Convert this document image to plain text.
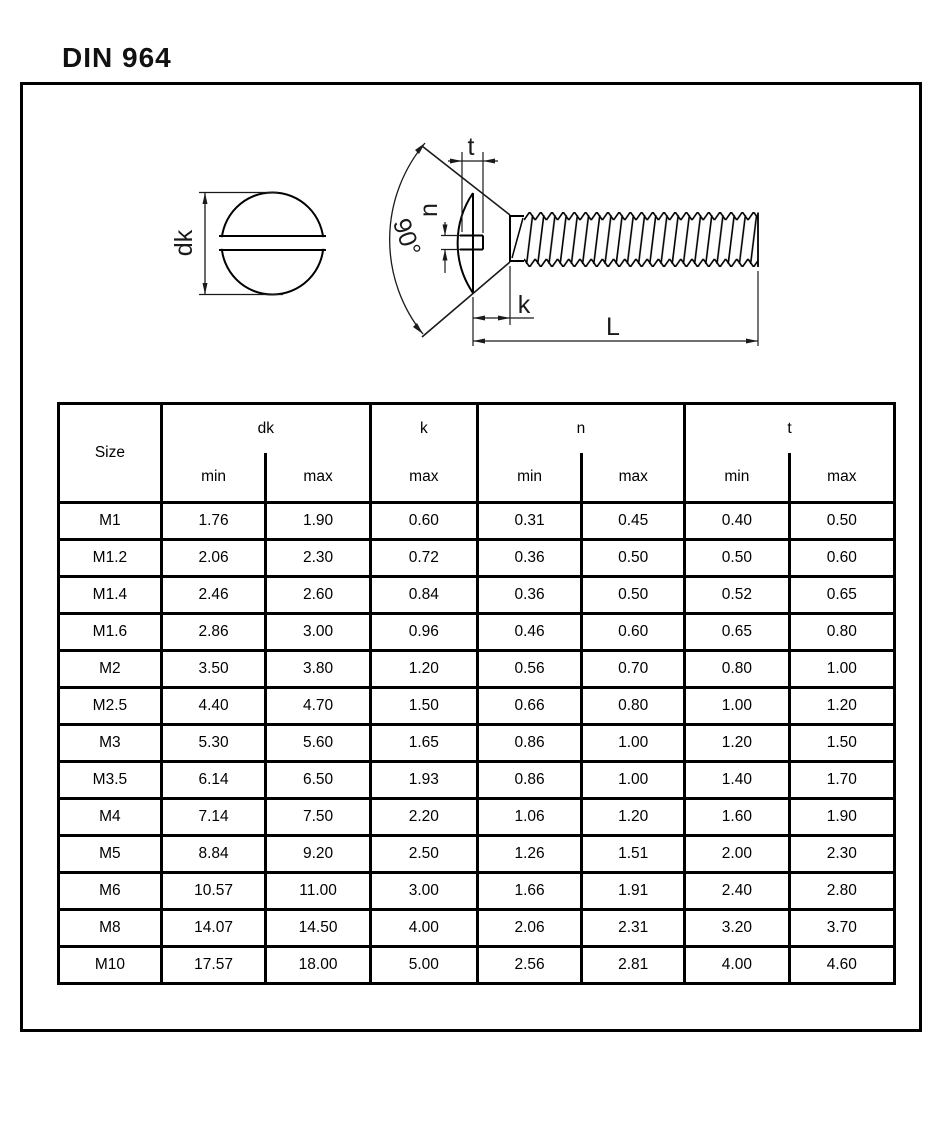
DIN 964
dk	90°
t
n
k
L
Size	dk		k	n		t	
	min	max	max	min	max	min	max
M1	1.76	1.90	0.60	0.31	0.45	0.40	0.50
M1.2	2.06	2.30	0.72	0.36	0.50	0.50	0.60
M1.4	2.46	2.60	0.84	0.36	0.50	0.52	0.65
M1.6	2.86	3.00	0.96	0.46	0.60	0.65	0.80
M2	3.50	3.80	1.20	0.56	0.70	0.80	1.00
M2.5	4.40	4.70	1.50	0.66	0.80	1.00	1.20
M3	5.30	5.60	1.65	0.86	1.00	1.20	1.50
M3.5	6.14	6.50	1.93	0.86	1.00	1.40	1.70
M4	7.14	7.50	2.20	1.06	1.20	1.60	1.90
M5	8.84	9.20	2.50	1.26	1.51	2.00	2.30
M6	10.57	11.00	3.00	1.66	1.91	2.40	2.80
M8	14.07	14.50	4.00	2.06	2.31	3.20	3.70
M10	17.57	18.00	5.00	2.56	2.81	4.00	4.60
